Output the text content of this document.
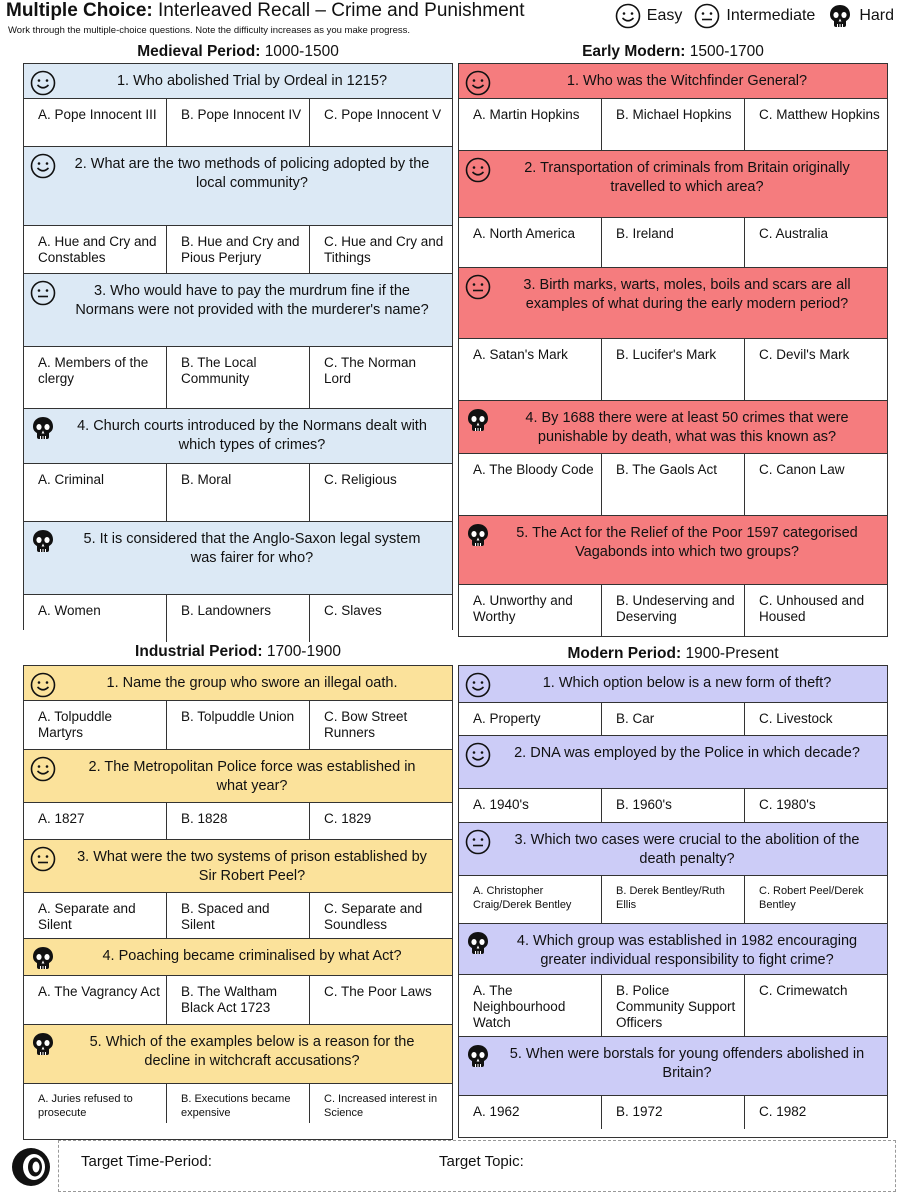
Multiple Choice: Interleaved Recall – Crime and Punishment
Work through the multiple-choice questions. Note the difficulty increases as you make progress.
Easy	Intermediate	Hard
Medieval Period: 1000-1500
1. Who abolished Trial by Ordeal in 1215?
A. Pope Innocent III	B. Pope Innocent IV	C. Pope Innocent V
2. What are the two methods of policing adopted by the local community?
A. Hue and Cry and Constables
B. Hue and Cry and Pious Perjury
C. Hue and Cry and Tithings
3. Who would have to pay the murdrum fine if the Normans were not provided with the murderer's name?
A. Members of the clergy
B. The Local Community
C. The Norman Lord
4. Church courts introduced by the Normans dealt with which types of crimes?
A. Criminal	B. Moral	C. Religious
5. It is considered that the Anglo-Saxon legal system was fairer for who?
A. Women	B. Landowners	C. Slaves
Early Modern: 1500-1700
1. Who was the Witchfinder General?
A. Martin Hopkins	B. Michael Hopkins	C. Matthew Hopkins
2. Transportation of criminals from Britain originally travelled to which area?
A. North America	B. Ireland	C. Australia
3. Birth marks, warts, moles, boils and scars are all examples of what during the early modern period?
A. Satan's Mark	B. Lucifer's Mark	C. Devil's Mark
4. By 1688 there were at least 50 crimes that were punishable by death, what was this known as?
A. The Bloody Code	B. The Gaols Act	C. Canon Law
5. The Act for the Relief of the Poor 1597 categorised Vagabonds into which two groups?
A. Unworthy and Worthy
B. Undeserving and Deserving
C. Unhoused and Housed
Industrial Period: 1700-1900
1. Name the group who swore an illegal oath.
A. Tolpuddle Martyrs
B. Tolpuddle Union	C. Bow Street Runners
2. The Metropolitan Police force was established in what year?
A. 1827	B. 1828	C. 1829
3. What were the two systems of prison established by Sir Robert Peel?
A. Separate and Silent
B. Spaced and Silent
C. Separate and Soundless
4. Poaching became criminalised by what Act?
A. The Vagrancy Act	B. The Waltham Black Act 1723
C. The Poor Laws
5. Which of the examples below is a reason for the decline in witchcraft accusations?
A. Juries refused to prosecute
B. Executions became expensive
C. Increased interest in Science
Modern Period: 1900-Present
1. Which option below is a new form of theft?
A. Property	B. Car	C. Livestock
2. DNA was employed by the Police in which decade?
A. 1940's	B. 1960's	C. 1980's
3. Which two cases were crucial to the abolition of the death penalty?
A. Christopher Craig/Derek Bentley
B. Derek Bentley/Ruth Ellis
C. Robert Peel/Derek Bentley
4. Which group was established in 1982 encouraging greater individual responsibility to fight crime?
A. The Neighbourhood Watch
B. Police Community Support Officers
C. Crimewatch
5. When were borstals for young offenders abolished in Britain?
A. 1962	B. 1972	C. 1982
Target Time-Period:	Target Topic:
